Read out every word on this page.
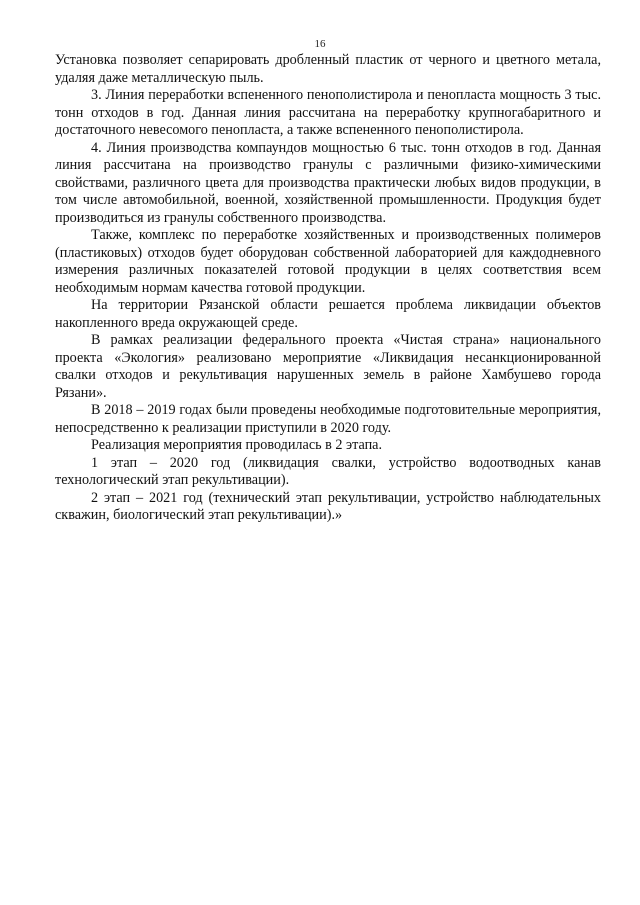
16

Установка позволяет сепарировать дробленный пластик от черного и цветного метала, удаляя даже металлическую пыль.

3. Линия переработки вспененного пенополистирола и пенопласта мощность 3 тыс. тонн отходов в год. Данная линия рассчитана на переработку крупногабаритного и достаточного невесомого пенопласта, а также вспененного пенополистирола.

4. Линия производства компаундов мощностью 6 тыс. тонн отходов в год. Данная линия рассчитана на производство гранулы с различными физико-химическими свойствами, различного цвета для производства практически любых видов продукции, в том числе автомобильной, военной, хозяйственной промышленности. Продукция будет производиться из гранулы собственного производства.

Также, комплекс по переработке хозяйственных и производственных полимеров (пластиковых) отходов будет оборудован собственной лабораторией для каждодневного измерения различных показателей готовой продукции в целях соответствия всем необходимым нормам качества готовой продукции.

На территории Рязанской области решается проблема ликвидации объектов накопленного вреда окружающей среде.

В рамках реализации федерального проекта «Чистая страна» национального проекта «Экология» реализовано мероприятие «Ликвидация несанкционированной свалки отходов и рекультивация нарушенных земель в районе Хамбушево города Рязани».

В 2018 – 2019 годах были проведены необходимые подготовительные мероприятия, непосредственно к реализации приступили в 2020 году.

Реализация мероприятия проводилась в 2 этапа.

1 этап – 2020 год (ликвидация свалки, устройство водоотводных канав технологический этап рекультивации).

2 этап – 2021 год (технический этап рекультивации, устройство наблюдательных скважин, биологический этап рекультивации).»
